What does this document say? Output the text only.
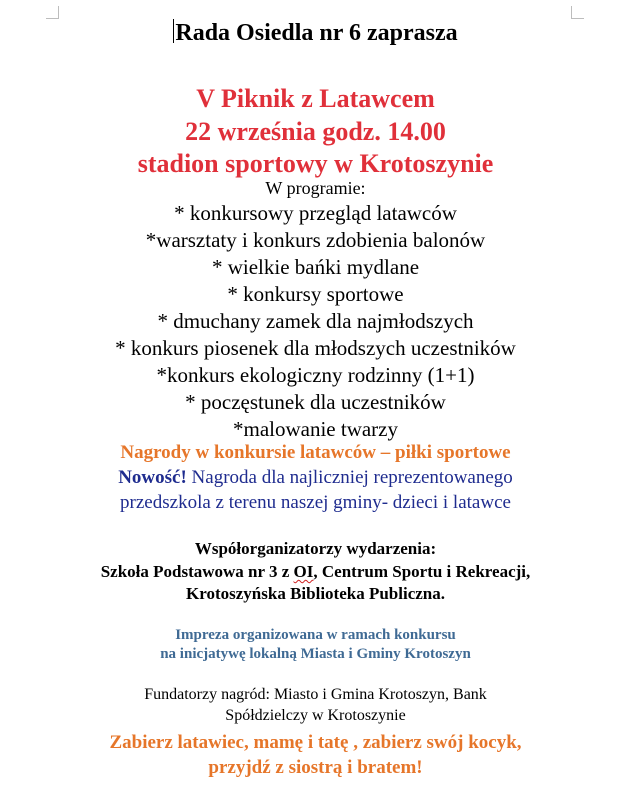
Rada Osiedla nr 6 zaprasza
V Piknik z Latawcem
22 września godz. 14.00
stadion sportowy w Krotoszynie
W programie:
* konkursowy przegląd latawców
*warsztaty i konkurs zdobienia balonów
* wielkie bańki mydlane
* konkursy sportowe
* dmuchany zamek dla najmłodszych
* konkurs piosenek dla młodszych uczestników
*konkurs ekologiczny rodzinny (1+1)
* poczęstunek dla uczestników
*malowanie twarzy
Nagrody w konkursie latawców – piłki sportowe
Nowość! Nagroda dla najliczniej reprezentowanego
przedszkola z terenu naszej gminy- dzieci i latawce
Współorganizatorzy wydarzenia:
Szkoła Podstawowa nr 3 z OI, Centrum Sportu i Rekreacji,
Krotoszyńska Biblioteka Publiczna.
Impreza organizowana w ramach konkursu
na inicjatywę lokalną Miasta i Gminy Krotoszyn
Fundatorzy nagród: Miasto i Gmina Krotoszyn, Bank
Spółdzielczy w Krotoszynie
Zabierz latawiec, mamę i tatę , zabierz swój kocyk,
przyjdź z siostrą i bratem!
